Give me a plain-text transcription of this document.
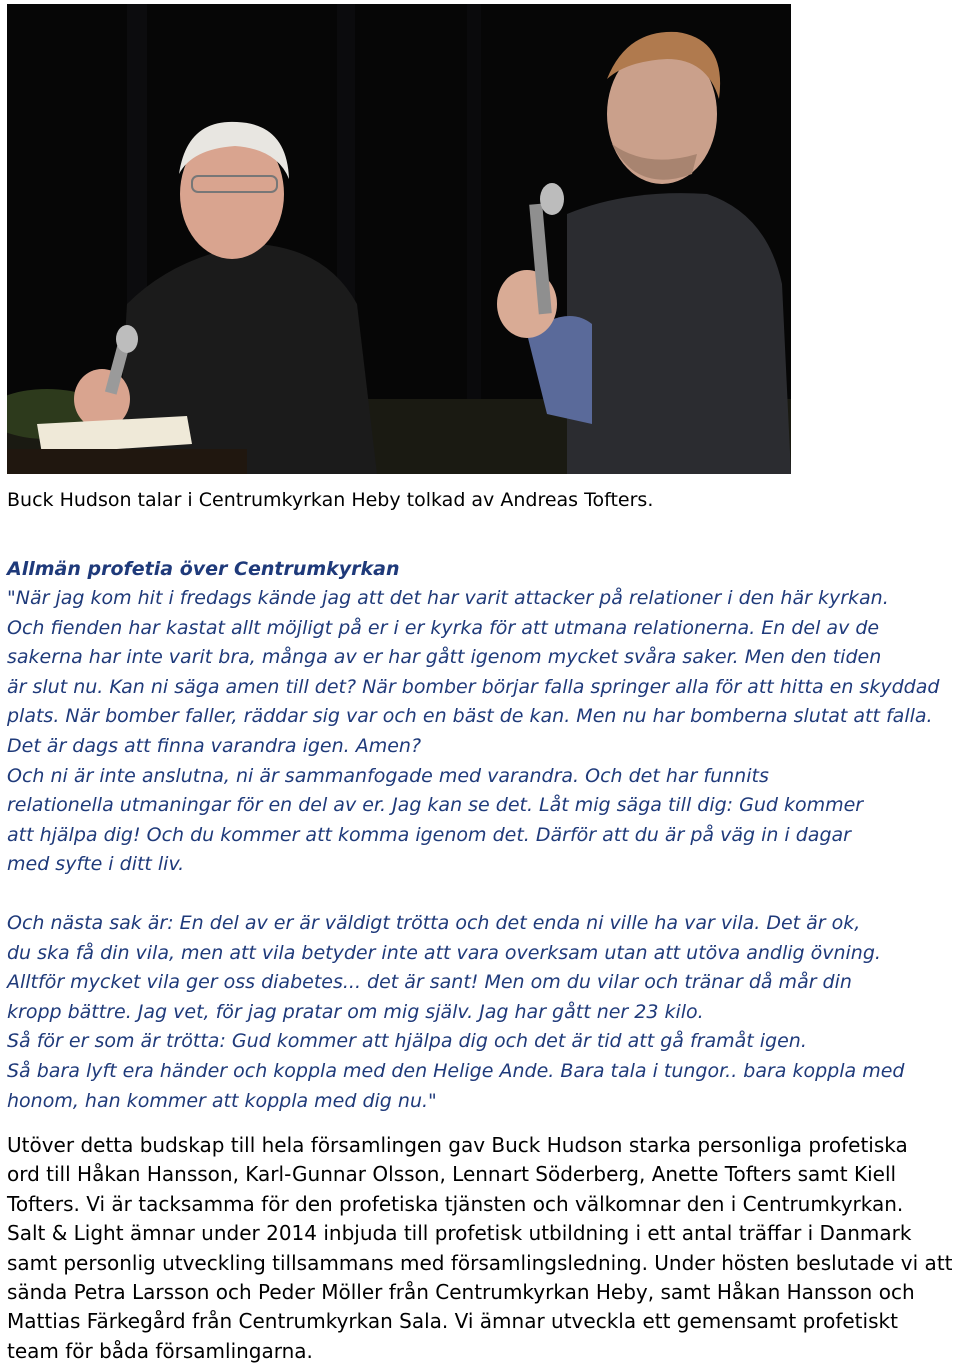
Buck Hudson talar i Centrumkyrkan Heby tolkad av Andreas Tofters.
Allmän profetia över Centrumkyrkan
"När jag kom hit i fredags kände jag att det har varit attacker på relationer i den här kyrkan.
Och fienden har kastat allt möjligt på er i er kyrka för att utmana relationerna. En del av de
sakerna har inte varit bra, många av er har gått igenom mycket svåra saker. Men den tiden
är slut nu. Kan ni säga amen till det? När bomber börjar falla springer alla för att hitta en skyddad
plats. När bomber faller, räddar sig var och en bäst de kan. Men nu har bomberna slutat att falla.
Det är dags att finna varandra igen. Amen?
Och ni är inte anslutna, ni är sammanfogade med varandra. Och det har funnits
relationella utmaningar för en del av er. Jag kan se det. Låt mig säga till dig: Gud kommer
att hjälpa dig! Och du kommer att komma igenom det. Därför att du är på väg in i dagar
med syfte i ditt liv.
Och nästa sak är: En del av er är väldigt trötta och det enda ni ville ha var vila. Det är ok,
du ska få din vila, men att vila betyder inte att vara overksam utan att utöva andlig övning.
Alltför mycket vila ger oss diabetes... det är sant! Men om du vilar och tränar då mår din
kropp bättre. Jag vet, för jag pratar om mig själv. Jag har gått ner 23 kilo.
Så för er som är trötta: Gud kommer att hjälpa dig och det är tid att gå framåt igen.
Så bara lyft era händer och koppla med den Helige Ande. Bara tala i tungor.. bara koppla med
honom, han kommer att koppla med dig nu."
Utöver detta budskap till hela församlingen gav Buck Hudson starka personliga profetiska
ord till Håkan Hansson, Karl-Gunnar Olsson, Lennart Söderberg, Anette Tofters samt Kiell
Tofters. Vi är tacksamma för den profetiska tjänsten och välkomnar den i Centrumkyrkan.
Salt & Light ämnar under 2014 inbjuda till profetisk utbildning i ett antal träffar i Danmark
samt personlig utveckling tillsammans med församlingsledning. Under hösten beslutade vi att
sända Petra Larsson och Peder Möller från Centrumkyrkan Heby, samt Håkan Hansson och
Mattias Färkegård från Centrumkyrkan Sala. Vi ämnar utveckla ett gemensamt profetiskt
team för båda församlingarna.
